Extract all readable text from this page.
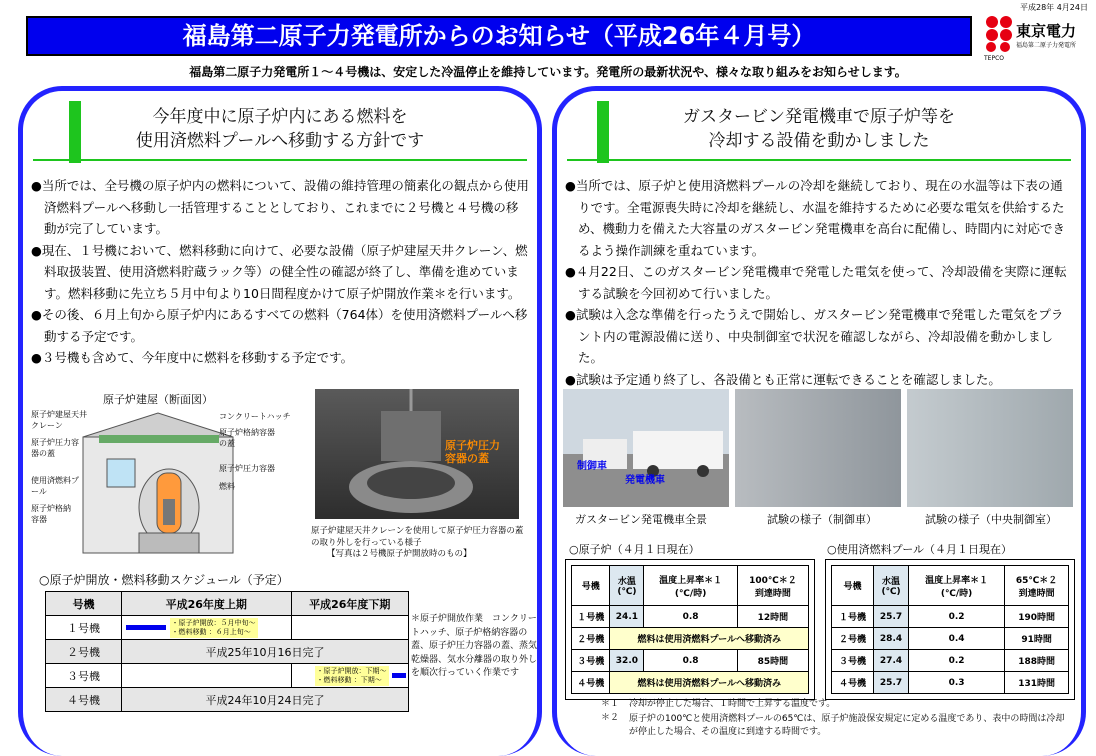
平成28年 4月24日
福島第二原子力発電所からのお知らせ（平成26年４月号）	東京電力
福島第二原子力発電所
TEPCO
福島第二原子力発電所１～４号機は、安定した冷温停止を維持しています。発電所の最新状況や、様々な取り組みをお知らせします。
今年度中に原子炉内にある燃料を
使用済燃料プールへ移動する方針です

●当所では、全号機の原子炉内の燃料について、設備の維持管理の簡素化の観点から使用済燃料プールへ移動し一括管理することとしており、これまでに２号機と４号機の移動が完了しています。

●現在、１号機において、燃料移動に向けて、必要な設備（原子炉建屋天井クレーン、燃料取扱装置、使用済燃料貯蔵ラック等）の健全性の確認が終了し、準備を進めています。燃料移動に先立ち５月中旬より10日間程度かけて原子炉開放作業＊を行います。

●その後、６月上旬から原子炉内にあるすべての燃料（764体）を使用済燃料プールへ移動する予定です。

●３号機も含めて、今年度中に燃料を移動する予定です。

原子炉建屋（断面図）
原子炉建屋天井クレーン
原子炉圧力容器の蓋
使用済燃料プール
原子炉格納容器
コンクリートハッチ
原子炉格納容器の蓋
原子炉圧力容器
燃料
原子炉圧力容器の蓋
原子炉建屋天井クレーンを使用して原子炉圧力容器の蓋の取り外しを行っている様子
【写真は２号機原子炉開放時のもの】
○原子炉開放・燃料移動スケジュール（予定）
号機	平成26年度上期	平成26年度下期
１号機	・原子炉開放：５月中旬～
・燃料移動 ：６月上旬～	
２号機	平成25年10月16日完了	
３号機		・原子炉開放：下期～
・燃料移動 ：下期～
４号機	平成24年10月24日完了	
＊原子炉開放作業　コンクリートハッチ、原子炉格納容器の蓋、原子炉圧力容器の蓋、蒸気乾燥器、気水分離器の取り外しを順次行っていく作業です
ガスタービン発電機車で原子炉等を
冷却する設備を動かしました

●当所では、原子炉と使用済燃料プールの冷却を継続しており、現在の水温等は下表の通りです。全電源喪失時に冷却を継続し、水温を維持するために必要な電気を供給するため、機動力を備えた大容量のガスタービン発電機車を高台に配備し、時間内に対応できるよう操作訓練を重ねています。

●４月22日、このガスタービン発電機車で発電した電気を使って、冷却設備を実際に運転する試験を今回初めて行いました。

●試験は入念な準備を行ったうえで開始し、ガスタービン発電機車で発電した電気をプラント内の電源設備に送り、中央制御室で状況を確認しながら、冷却設備を動かしました。

●試験は予定通り終了し、各設備とも正常に運転できることを確認しました。

制御車
発電機車
ガスタービン発電機車全景	試験の様子（制御車）	試験の様子（中央制御室）
○原子炉（４月１日現在）	○使用済燃料プール（４月１日現在）
号機	水温
(℃)	温度上昇率＊１
(℃/時)	100℃＊２
到達時間
１号機	24.1	0.8	12時間
２号機	燃料は使用済燃料プールへ移動済み		
３号機	32.0	0.8	85時間
４号機	燃料は使用済燃料プールへ移動済み		
号機	水温
(℃)	温度上昇率＊１
(℃/時)	65℃＊２
到達時間
１号機	25.7	0.2	190時間
２号機	28.4	0.4	91時間
３号機	27.4	0.2	188時間
４号機	25.7	0.3	131時間
＊１ 冷却が停止した場合、１時間で上昇する温度です。
＊２ 原子炉の100℃と使用済燃料プールの65℃は、原子炉施設保安規定に定める温度であり、表中の時間は冷却が停止した場合、その温度に到達する時間です。
